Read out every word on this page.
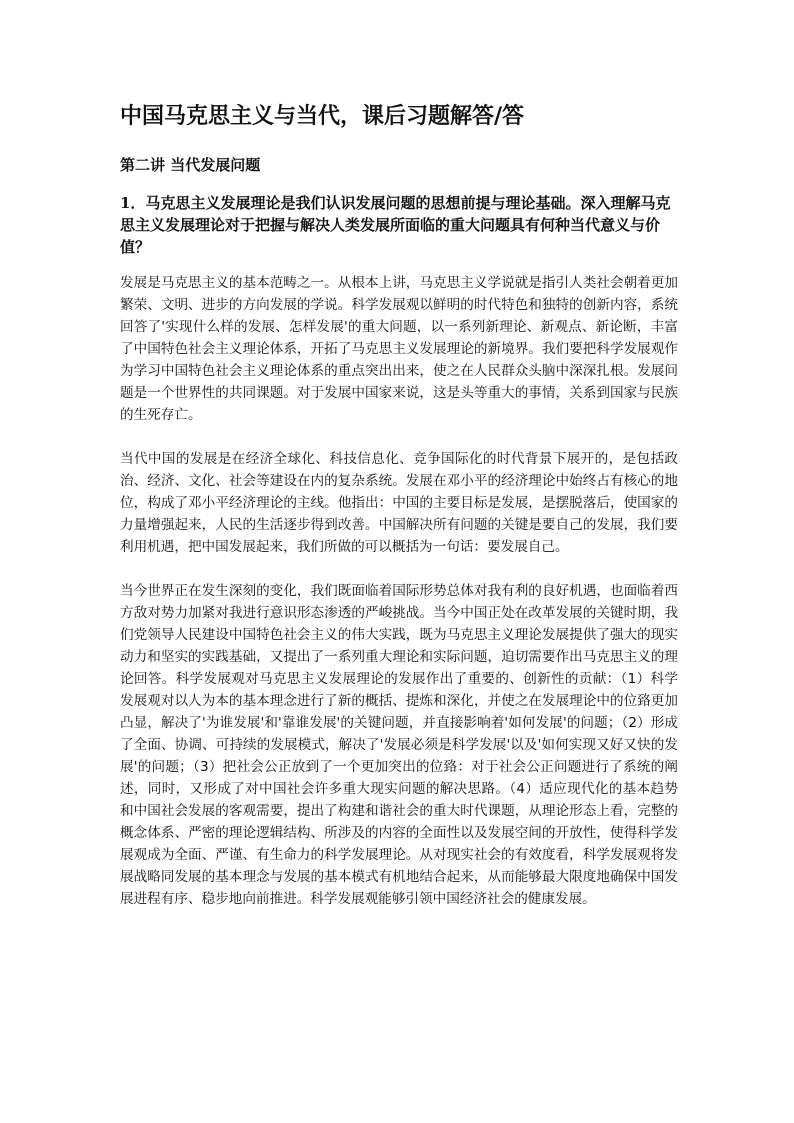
中国马克思主义与当代，课后习题解答/答
第二讲 当代发展问题
1．马克思主义发展理论是我们认识发展问题的思想前提与理论基础。深入理解马克思主义发展理论对于把握与解决人类发展所面临的重大问题具有何种当代意义与价值？

发展是马克思主义的基本范畴之一。从根本上讲，马克思主义学说就是指引人类社会朝着更加繁荣、文明、进步的方向发展的学说。科学发展观以鲜明的时代特色和独特的创新内容，系统回答了'实现什么样的发展、怎样发展'的重大问题，以一系列新理论、新观点、新论断，丰富了中国特色社会主义理论体系，开拓了马克思主义发展理论的新境界。我们要把科学发展观作为学习中国特色社会主义理论体系的重点突出出来，使之在人民群众头脑中深深扎根。发展问题是一个世界性的共同课题。对于发展中国家来说，这是头等重大的事情，关系到国家与民族的生死存亡。

当代中国的发展是在经济全球化、科技信息化、竞争国际化的时代背景下展开的，是包括政治、经济、文化、社会等建设在内的复杂系统。发展在邓小平的经济理论中始终占有核心的地位，构成了邓小平经济理论的主线。他指出：中国的主要目标是发展，是摆脱落后，使国家的力量增强起来，人民的生活逐步得到改善。中国解决所有问题的关键是要自己的发展，我们要利用机遇，把中国发展起来，我们所做的可以概括为一句话：要发展自己。

当今世界正在发生深刻的变化，我们既面临着国际形势总体对我有利的良好机遇，也面临着西方敌对势力加紧对我进行意识形态渗透的严峻挑战。当今中国正处在改革发展的关键时期，我们党领导人民建设中国特色社会主义的伟大实践，既为马克思主义理论发展提供了强大的现实动力和坚实的实践基础，又提出了一系列重大理论和实际问题，迫切需要作出马克思主义的理论回答。科学发展观对马克思主义发展理论的发展作出了重要的、创新性的贡献：（1）科学发展观对以人为本的基本理念进行了新的概括、提炼和深化，并使之在发展理论中的位臵更加凸显，解决了'为谁发展'和'靠谁发展'的关键问题，并直接影响着'如何发展'的问题；（2）形成了全面、协调、可持续的发展模式，解决了'发展必须是科学发展'以及'如何实现又好又快的发展'的问题；（3）把社会公正放到了一个更加突出的位臵：对于社会公正问题进行了系统的阐述，同时，又形成了对中国社会许多重大现实问题的解决思路。（4）适应现代化的基本趋势和中国社会发展的客观需要，提出了构建和谐社会的重大时代课题，从理论形态上看，完整的概念体系、严密的理论逻辑结构、所涉及的内容的全面性以及发展空间的开放性，使得科学发展观成为全面、严谨、有生命力的科学发展理论。从对现实社会的有效度看，科学发展观将发展战略同发展的基本理念与发展的基本模式有机地结合起来，从而能够最大限度地确保中国发展进程有序、稳步地向前推进。科学发展观能够引领中国经济社会的健康发展。
